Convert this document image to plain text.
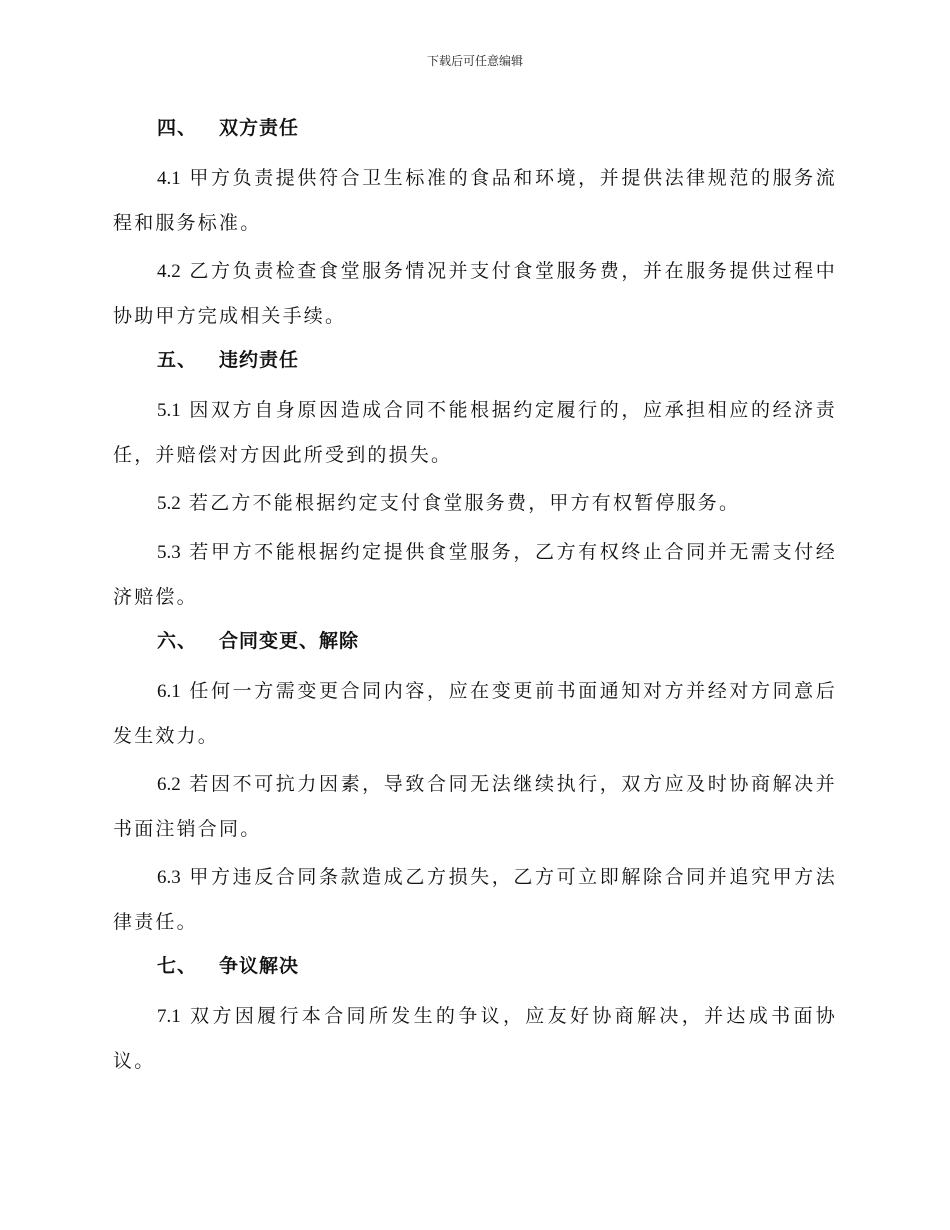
下载后可任意编辑
四、 双方责任

4.1 甲方负责提供符合卫生标准的食品和环境，并提供法律规范的服务流程和服务标准。

4.2 乙方负责检查食堂服务情况并支付食堂服务费，并在服务提供过程中协助甲方完成相关手续。

五、 违约责任

5.1 因双方自身原因造成合同不能根据约定履行的，应承担相应的经济责任，并赔偿对方因此所受到的损失。

5.2 若乙方不能根据约定支付食堂服务费，甲方有权暂停服务。

5.3 若甲方不能根据约定提供食堂服务，乙方有权终止合同并无需支付经济赔偿。

六、 合同变更、解除

6.1 任何一方需变更合同内容，应在变更前书面通知对方并经对方同意后发生效力。

6.2 若因不可抗力因素，导致合同无法继续执行，双方应及时协商解决并书面注销合同。

6.3 甲方违反合同条款造成乙方损失，乙方可立即解除合同并追究甲方法律责任。

七、 争议解决

7.1 双方因履行本合同所发生的争议，应友好协商解决，并达成书面协议。
